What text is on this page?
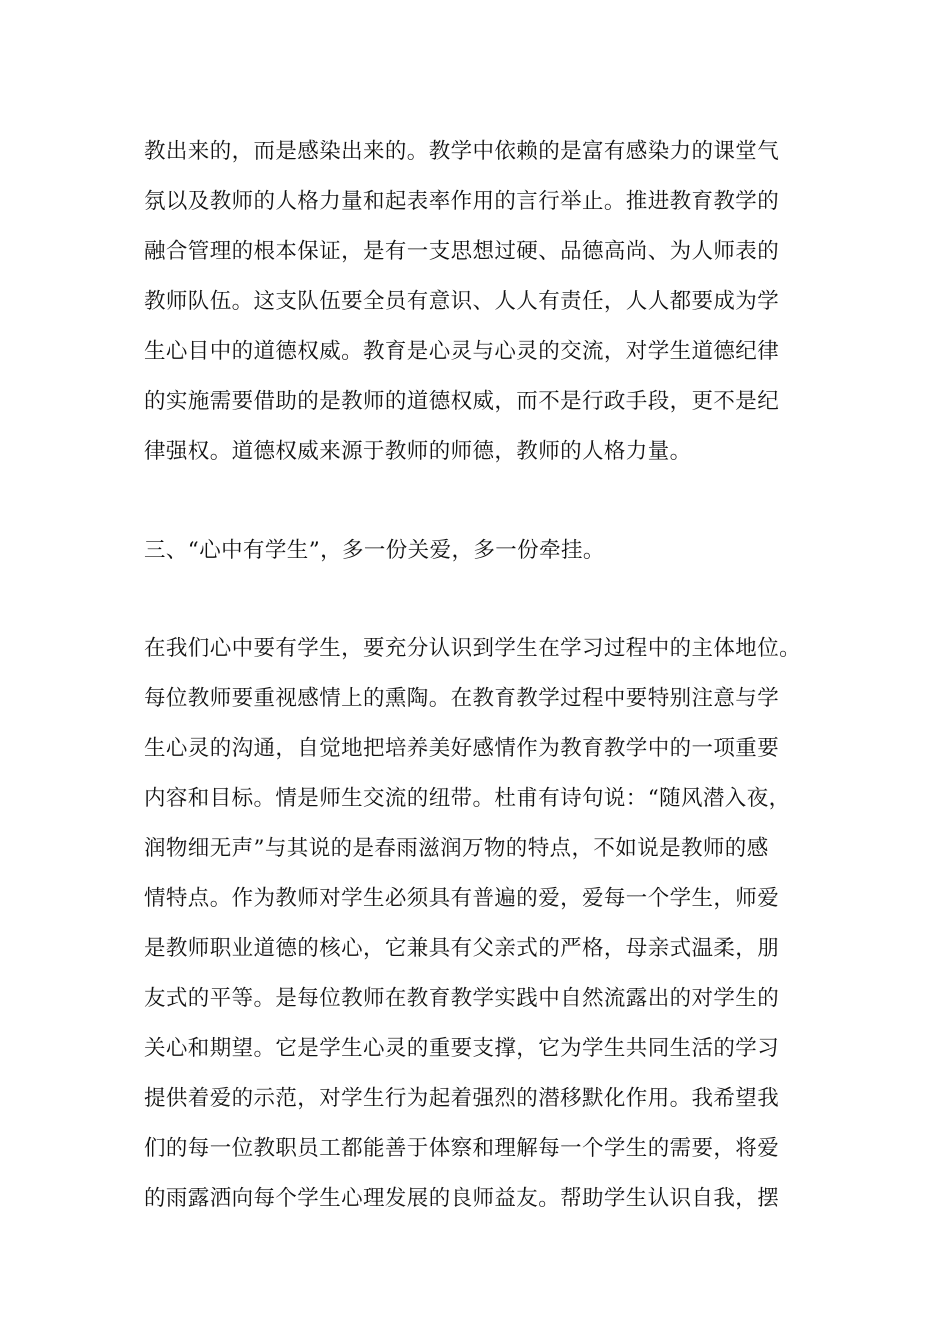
教出来的，而是感染出来的。教学中依赖的是富有感染力的课堂气
氛以及教师的人格力量和起表率作用的言行举止。推进教育教学的
融合管理的根本保证，是有一支思想过硬、品德高尚、为人师表的
教师队伍。这支队伍要全员有意识、人人有责任，人人都要成为学
生心目中的道德权威。教育是心灵与心灵的交流，对学生道德纪律
的实施需要借助的是教师的道德权威，而不是行政手段，更不是纪
律强权。道德权威来源于教师的师德，教师的人格力量。
三、“心中有学生”，多一份关爱，多一份牵挂。
在我们心中要有学生，要充分认识到学生在学习过程中的主体地位。
每位教师要重视感情上的熏陶。在教育教学过程中要特别注意与学
生心灵的沟通，自觉地把培养美好感情作为教育教学中的一项重要
内容和目标。情是师生交流的纽带。杜甫有诗句说：“随风潜入夜，
润物细无声”与其说的是春雨滋润万物的特点，不如说是教师的感
情特点。作为教师对学生必须具有普遍的爱，爱每一个学生，师爱
是教师职业道德的核心，它兼具有父亲式的严格，母亲式温柔，朋
友式的平等。是每位教师在教育教学实践中自然流露出的对学生的
关心和期望。它是学生心灵的重要支撑，它为学生共同生活的学习
提供着爱的示范，对学生行为起着强烈的潜移默化作用。我希望我
们的每一位教职员工都能善于体察和理解每一个学生的需要，将爱
的雨露洒向每个学生心理发展的良师益友。帮助学生认识自我，摆
